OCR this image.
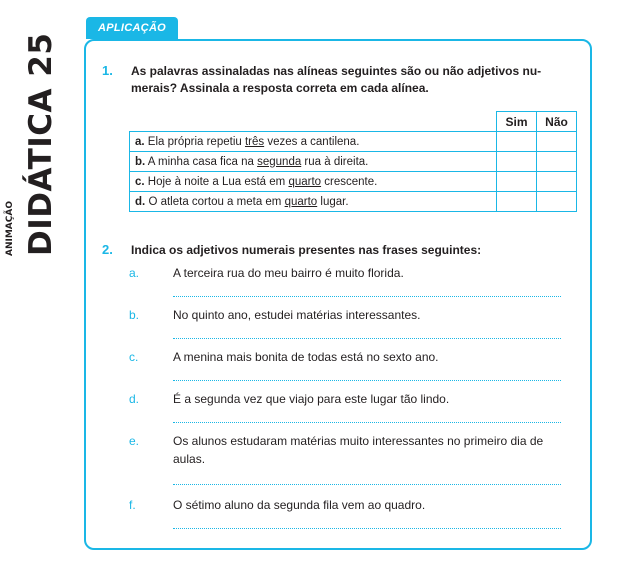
ANIMAÇÃO DIDÁTICA 25
APLICAÇÃO
1. As palavras assinaladas nas alíneas seguintes são ou não adjetivos nu-
merais? Assinala a resposta correta em cada alínea.
	Sim	Não
a. Ela própria repetiu três vezes a cantilena.		
b. A minha casa fica na segunda rua à direita.		
c. Hoje à noite a Lua está em quarto crescente.		
d. O atleta cortou a meta em quarto lugar.		
2. Indica os adjetivos numerais presentes nas frases seguintes:
a.	A terceira rua do meu bairro é muito florida.
b.	No quinto ano, estudei matérias interessantes.
c.	A menina mais bonita de todas está no sexto ano.
d.	É a segunda vez que viajo para este lugar tão lindo.
e.	Os alunos estudaram matérias muito interessantes no primeiro dia de
aulas.
f.	O sétimo aluno da segunda fila vem ao quadro.
